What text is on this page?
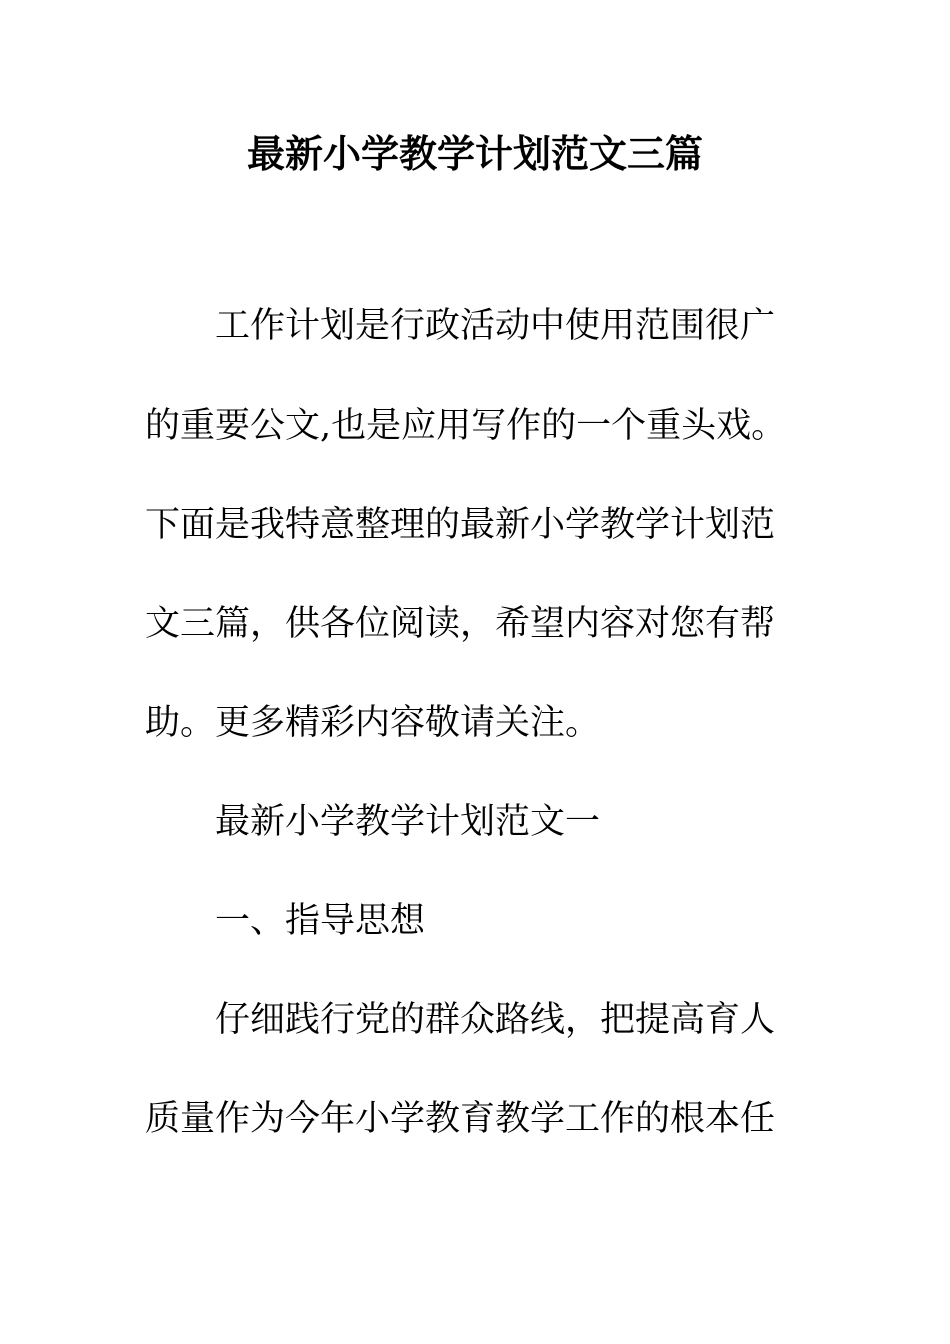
最新小学教学计划范文三篇
工作计划是行政活动中使用范围很广
的重要公文,也是应用写作的一个重头戏。
下面是我特意整理的最新小学教学计划范
文三篇，供各位阅读，希望内容对您有帮
助。更多精彩内容敬请关注。
最新小学教学计划范文一
一、指导思想
仔细践行党的群众路线，把提高育人
质量作为今年小学教育教学工作的根本任
